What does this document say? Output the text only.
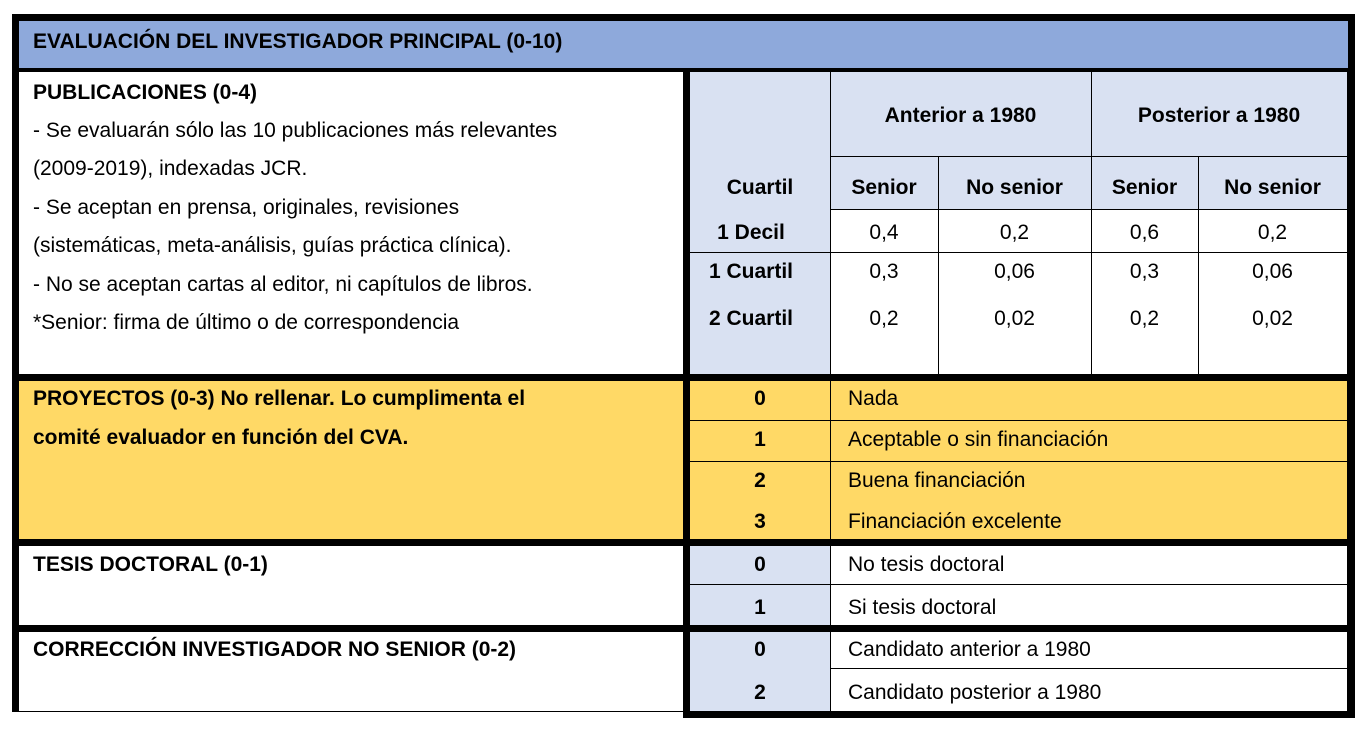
EVALUACIÓN DEL INVESTIGADOR PRINCIPAL (0-10)
PUBLICACIONES (0-4)
- Se evaluarán sólo las 10 publicaciones más relevantes
(2009-2019), indexadas JCR.
- Se aceptan en prensa, originales, revisiones
(sistemáticas, meta-análisis, guías práctica clínica).
- No se aceptan cartas al editor, ni capítulos de libros.
*Senior: firma de último o de correspondencia
Anterior a 1980	Posterior a 1980
Cuartil	Senior	No senior	Senior	No senior
1 Decil	0,4	0,2	0,6	0,2
1 Cuartil	0,3	0,06	0,3	0,06
2 Cuartil	0,2	0,02	0,2	0,02
PROYECTOS (0-3) No rellenar. Lo cumplimenta el
comité evaluador en función del CVA.
0	Nada
1	Aceptable o sin financiación
2	Buena financiación
3	Financiación excelente
TESIS DOCTORAL (0-1)	0	No tesis doctoral
1	Si tesis doctoral
CORRECCIÓN INVESTIGADOR NO SENIOR (0-2)	0	Candidato anterior a 1980
2	Candidato posterior a 1980
